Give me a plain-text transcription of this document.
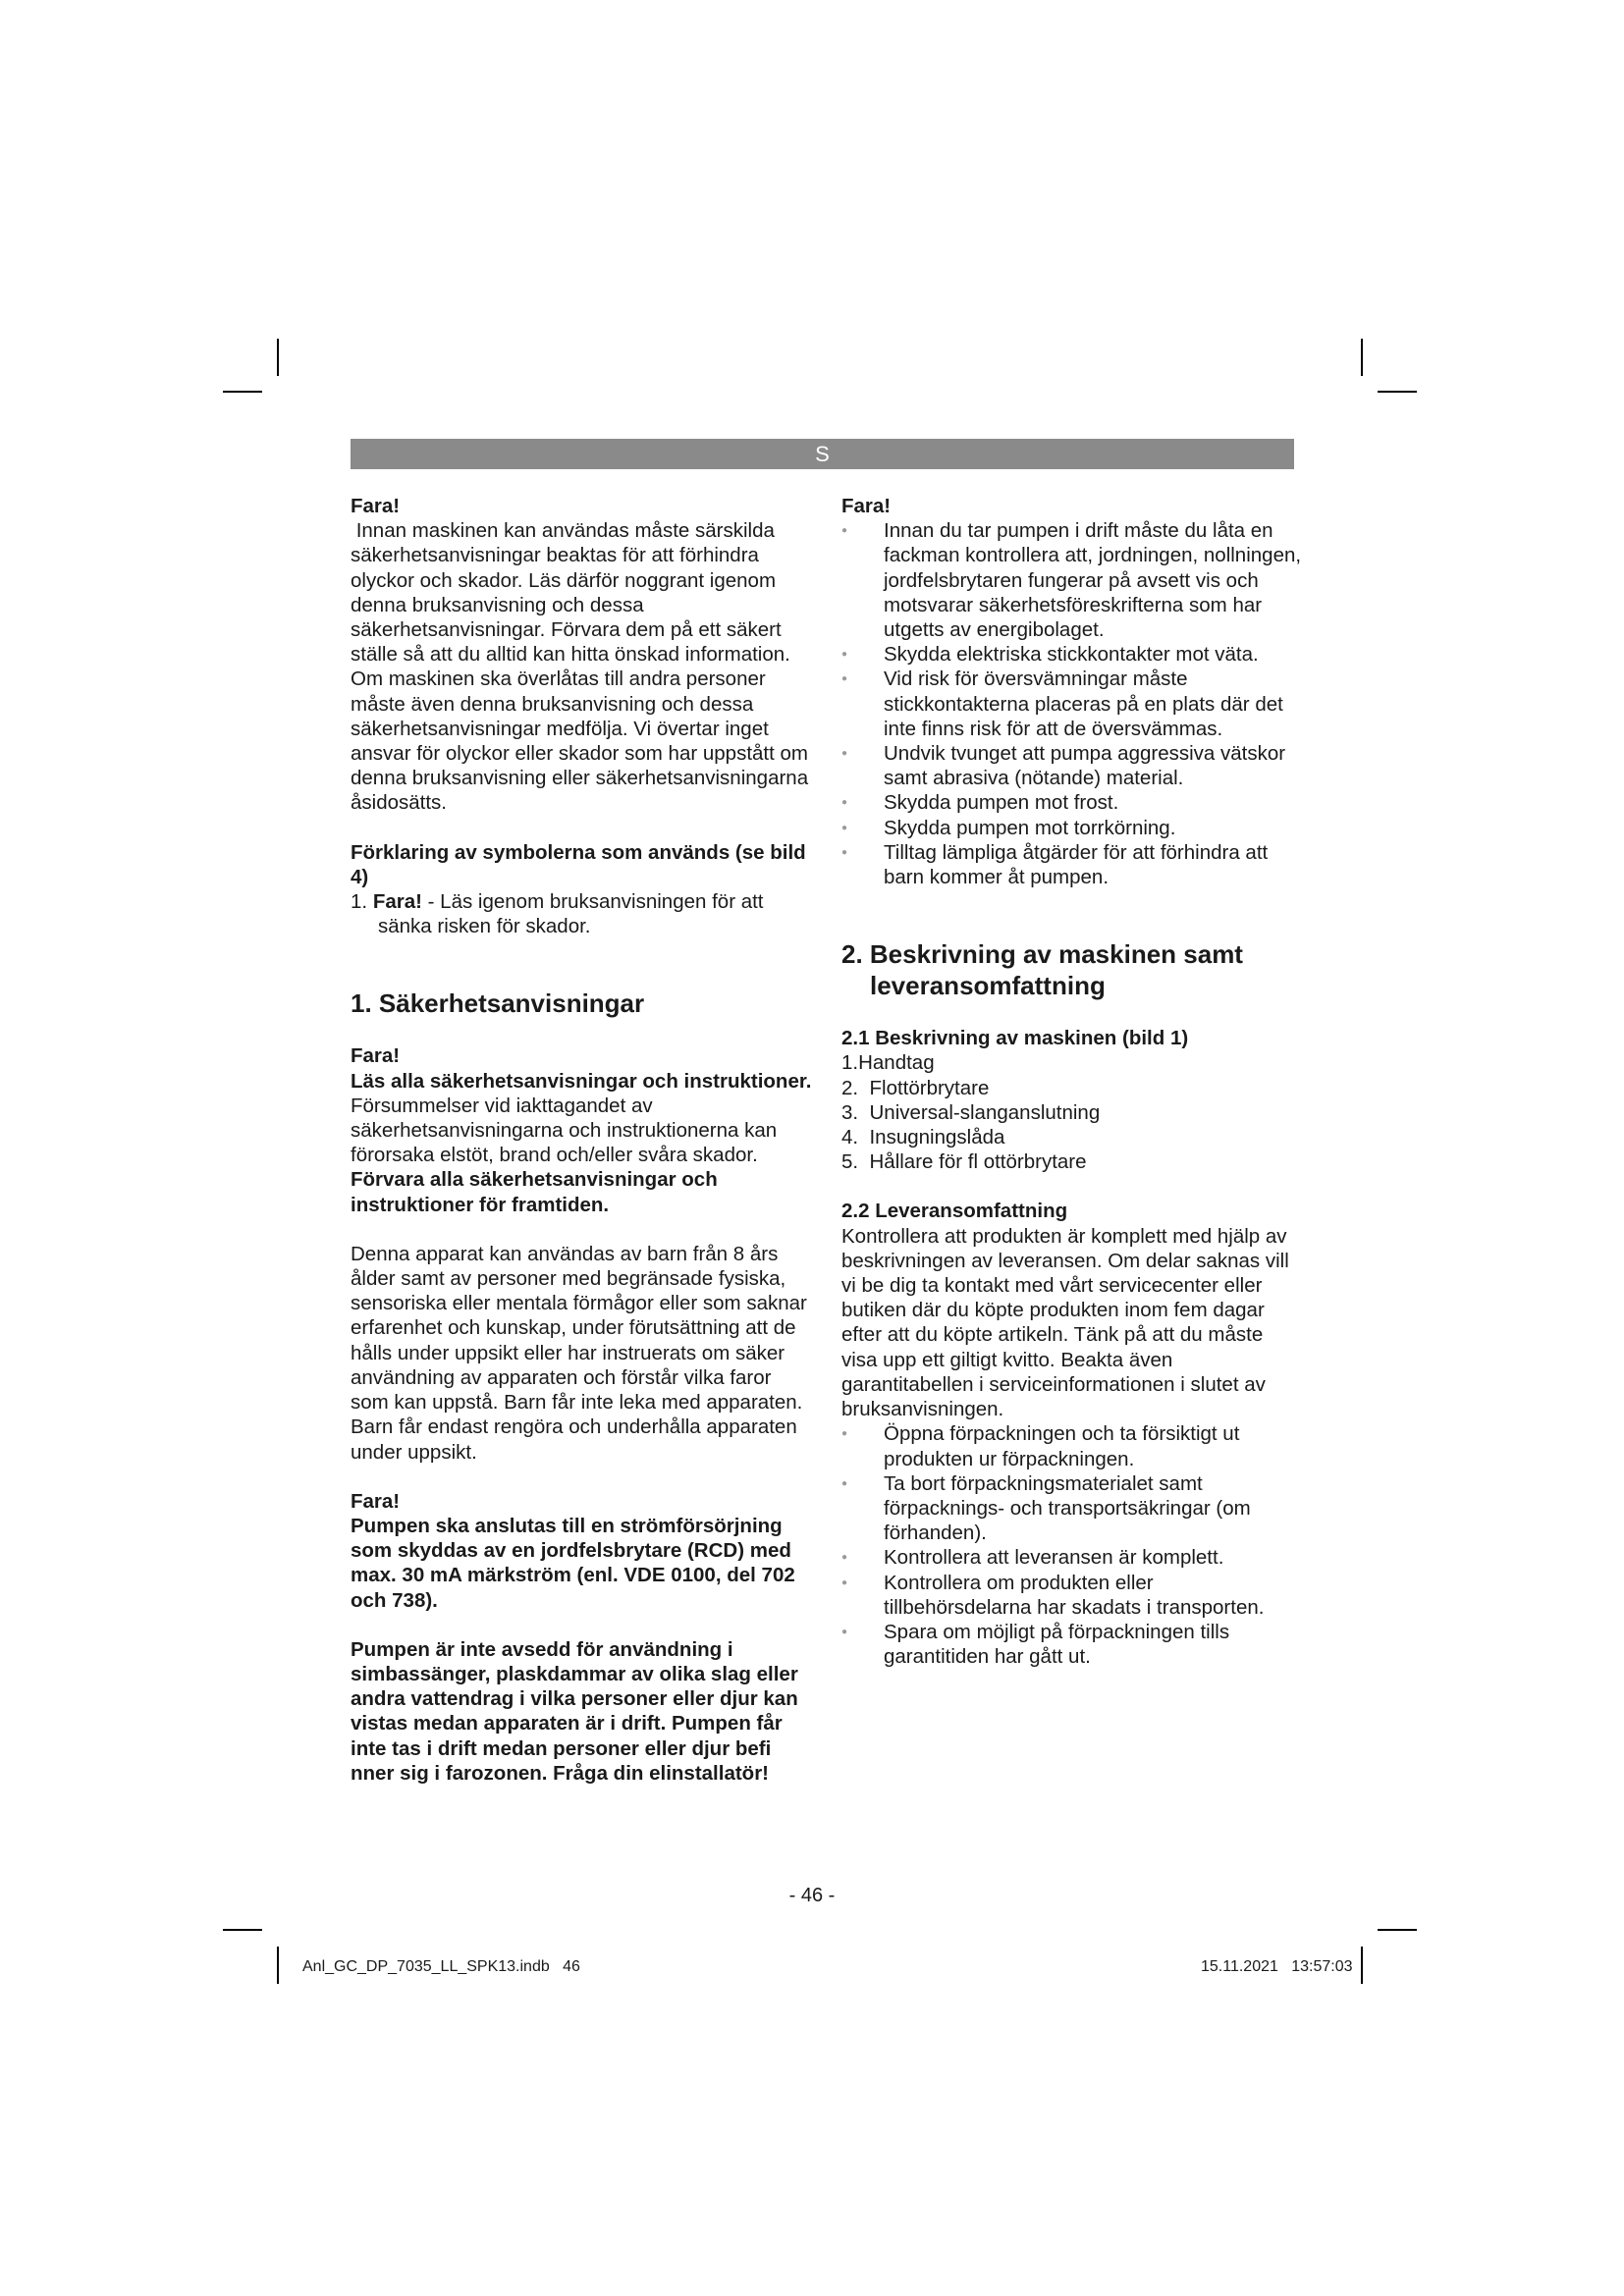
S

Fara!

Innan maskinen kan användas måste särskilda säkerhetsanvisningar beaktas för att förhindra olyckor och skador. Läs därför noggrant igenom denna bruksanvisning och dessa säkerhetsanvisningar. Förvara dem på ett säkert ställe så att du alltid kan hitta önskad information. Om maskinen ska överlåtas till andra personer måste även denna bruksanvisning och dessa säkerhetsanvisningar medfölja. Vi övertar inget ansvar för olyckor eller skador som har uppstått om denna bruksanvisning eller säkerhetsanvisningarna åsidosätts.

Förklaring av symbolerna som används (se bild 4)

1. Fara! - Läs igenom bruksanvisningen för att sänka risken för skador.

1. Säkerhetsanvisningar

Fara!

Läs alla säkerhetsanvisningar och instruktioner. Försummelser vid iakttagandet av säkerhetsanvisningarna och instruktionerna kan förorsaka elstöt, brand och/eller svåra skador. Förvara alla säkerhetsanvisningar och instruktioner för framtiden.

Denna apparat kan användas av barn från 8 års ålder samt av personer med begränsade fysiska, sensoriska eller mentala förmågor eller som saknar erfarenhet och kunskap, under förutsättning att de hålls under uppsikt eller har instruerats om säker användning av apparaten och förstår vilka faror som kan uppstå. Barn får inte leka med apparaten. Barn får endast rengöra och underhålla apparaten under uppsikt.

Fara!

Pumpen ska anslutas till en strömförsörjning som skyddas av en jordfelsbrytare (RCD) med max. 30 mA märkström (enl. VDE 0100, del 702 och 738).

Pumpen är inte avsedd för användning i simbassänger, plaskdammar av olika slag eller andra vattendrag i vilka personer eller djur kan vistas medan apparaten är i drift. Pumpen får inte tas i drift medan personer eller djur befi nner sig i farozonen. Fråga din elinstallatör!

Fara!

● Innan du tar pumpen i drift måste du låta en fackman kontrollera att, jordningen, nollningen, jordfelsbrytaren fungerar på avsett vis och motsvarar säkerhetsföreskrifterna som har utgetts av energibolaget.
● Skydda elektriska stickkontakter mot väta.
● Vid risk för översvämningar måste stickkontakterna placeras på en plats där det inte finns risk för att de översvämmas.
● Undvik tvunget att pumpa aggressiva vätskor samt abrasiva (nötande) material.
● Skydda pumpen mot frost.
● Skydda pumpen mot torrkörning.
● Tilltag lämpliga åtgärder för att förhindra att barn kommer åt pumpen.

2. Beskrivning av maskinen samt
leveransomfattning

2.1 Beskrivning av maskinen (bild 1)

1.Handtag

2.  Flottörbrytare

3.  Universal-slanganslutning

4.  Insugningslåda

5.  Hållare för fl ottörbrytare

2.2 Leveransomfattning

Kontrollera att produkten är komplett med hjälp av beskrivningen av leveransen. Om delar saknas vill vi be dig ta kontakt med vårt servicecenter eller butiken där du köpte produkten inom fem dagar efter att du köpte artikeln. Tänk på att du måste visa upp ett giltigt kvitto. Beakta även garantitabellen i serviceinformationen i slutet av bruksanvisningen.

● Öppna förpackningen och ta försiktigt ut produkten ur förpackningen.
● Ta bort förpackningsmaterialet samt förpacknings- och transportsäkringar (om förhanden).
● Kontrollera att leveransen är komplett.
● Kontrollera om produkten eller tillbehörsdelarna har skadats i transporten.
● Spara om möjligt på förpackningen tills garantitiden har gått ut.
- 46 -
Anl_GC_DP_7035_LL_SPK13.indb   46	15.11.2021   13:57:03
